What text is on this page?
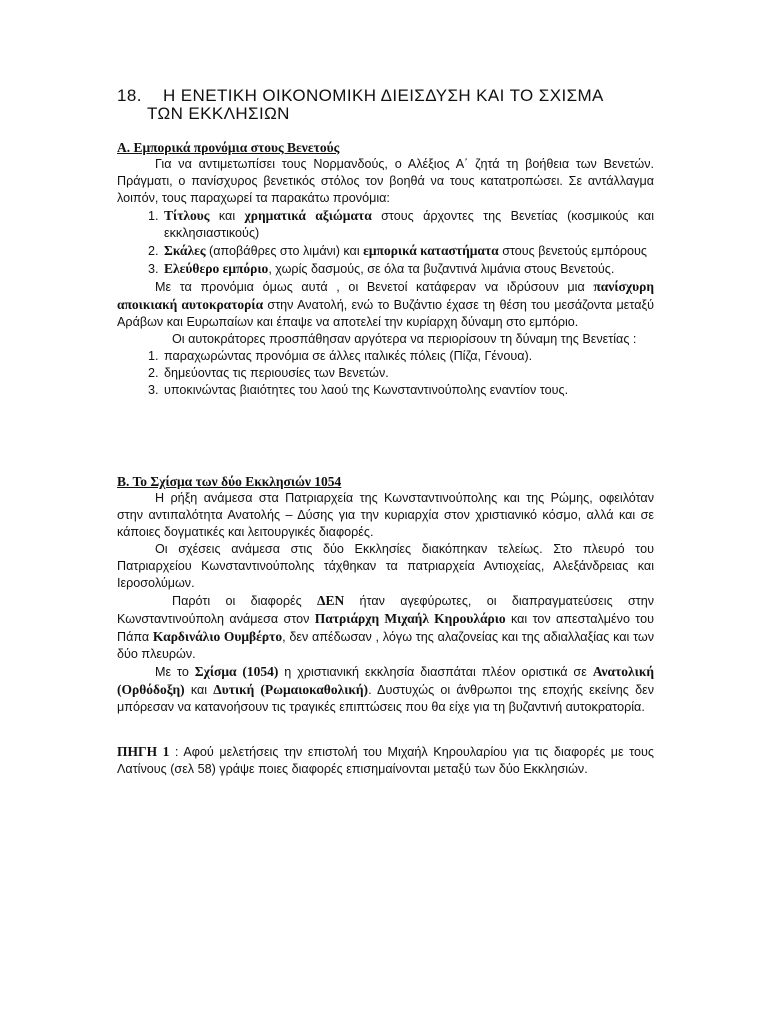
18. Η ΕΝΕΤΙΚΗ ΟΙΚΟΝΟΜΙΚΗ ΔΙΕΙΣΔΥΣΗ ΚΑΙ ΤΟ ΣΧΙΣΜΑ
ΤΩΝ ΕΚΚΛΗΣΙΩΝ
Α. Εμπορικά προνόμια στους Βενετούς

Για να αντιμετωπίσει τους Νορμανδούς, ο Αλέξιος Α΄ ζητά τη βοήθεια των Βενετών. Πράγματι, ο πανίσχυρος βενετικός στόλος τον βοηθά να τους κατατροπώσει. Σε αντάλλαγμα λοιπόν, τους παραχωρεί τα παρακάτω προνόμια:

1. Τίτλους και χρηματικά αξιώματα στους άρχοντες της Βενετίας (κοσμικούς και εκκλησιαστικούς)
2. Σκάλες (αποβάθρες στο λιμάνι) και εμπορικά καταστήματα στους βενετούς εμπόρους
3. Ελεύθερο εμπόριο, χωρίς δασμούς, σε όλα τα βυζαντινά λιμάνια στους Βενετούς.

Με τα προνόμια όμως αυτά , οι Βενετοί κατάφεραν να ιδρύσουν μια πανίσχυρη αποικιακή αυτοκρατορία στην Ανατολή, ενώ το Βυζάντιο έχασε τη θέση του μεσάζοντα μεταξύ Αράβων και Ευρωπαίων και έπαψε να αποτελεί την κυρίαρχη δύναμη στο εμπόριο.

Οι αυτοκράτορες προσπάθησαν αργότερα να περιορίσουν τη δύναμη της Βενετίας :

1. παραχωρώντας προνόμια σε άλλες ιταλικές πόλεις (Πίζα, Γένουα).
2. δημεύοντας τις περιουσίες των Βενετών.
3. υποκινώντας βιαιότητες του λαού της Κωνσταντινούπολης εναντίον τους.
Β. Το Σχίσμα των δύο Εκκλησιών 1054

Η ρήξη ανάμεσα στα Πατριαρχεία της Κωνσταντινούπολης και της Ρώμης, οφειλόταν στην αντιπαλότητα Ανατολής – Δύσης για την κυριαρχία στον χριστιανικό κόσμο, αλλά και σε κάποιες δογματικές και λειτουργικές διαφορές.

Οι σχέσεις ανάμεσα στις δύο Εκκλησίες διακόπηκαν τελείως. Στο πλευρό του Πατριαρχείου Κωνσταντινούπολης τάχθηκαν τα πατριαρχεία Αντιοχείας, Αλεξάνδρειας και Ιεροσολύμων.

Παρότι οι διαφορές ΔΕΝ ήταν αγεφύρωτες, οι διαπραγματεύσεις στην Κωνσταντινούπολη ανάμεσα στον Πατριάρχη Μιχαήλ Κηρουλάριο και τον απεσταλμένο του Πάπα Καρδινάλιο Ουμβέρτο, δεν απέδωσαν , λόγω της αλαζονείας και της αδιαλλαξίας και των δύο πλευρών.

Με το Σχίσμα (1054) η χριστιανική εκκλησία διασπάται πλέον οριστικά σε Ανατολική (Ορθόδοξη) και Δυτική (Ρωμαιοκαθολική). Δυστυχώς οι άνθρωποι της εποχής εκείνης δεν μπόρεσαν να κατανοήσουν τις τραγικές επιπτώσεις που θα είχε για τη βυζαντινή αυτοκρατορία.

ΠΗΓΗ 1 : Αφού μελετήσεις την επιστολή του Μιχαήλ Κηρουλαρίου για τις διαφορές με τους Λατίνους (σελ 58) γράψε ποιες διαφορές επισημαίνονται μεταξύ των δύο Εκκλησιών.
